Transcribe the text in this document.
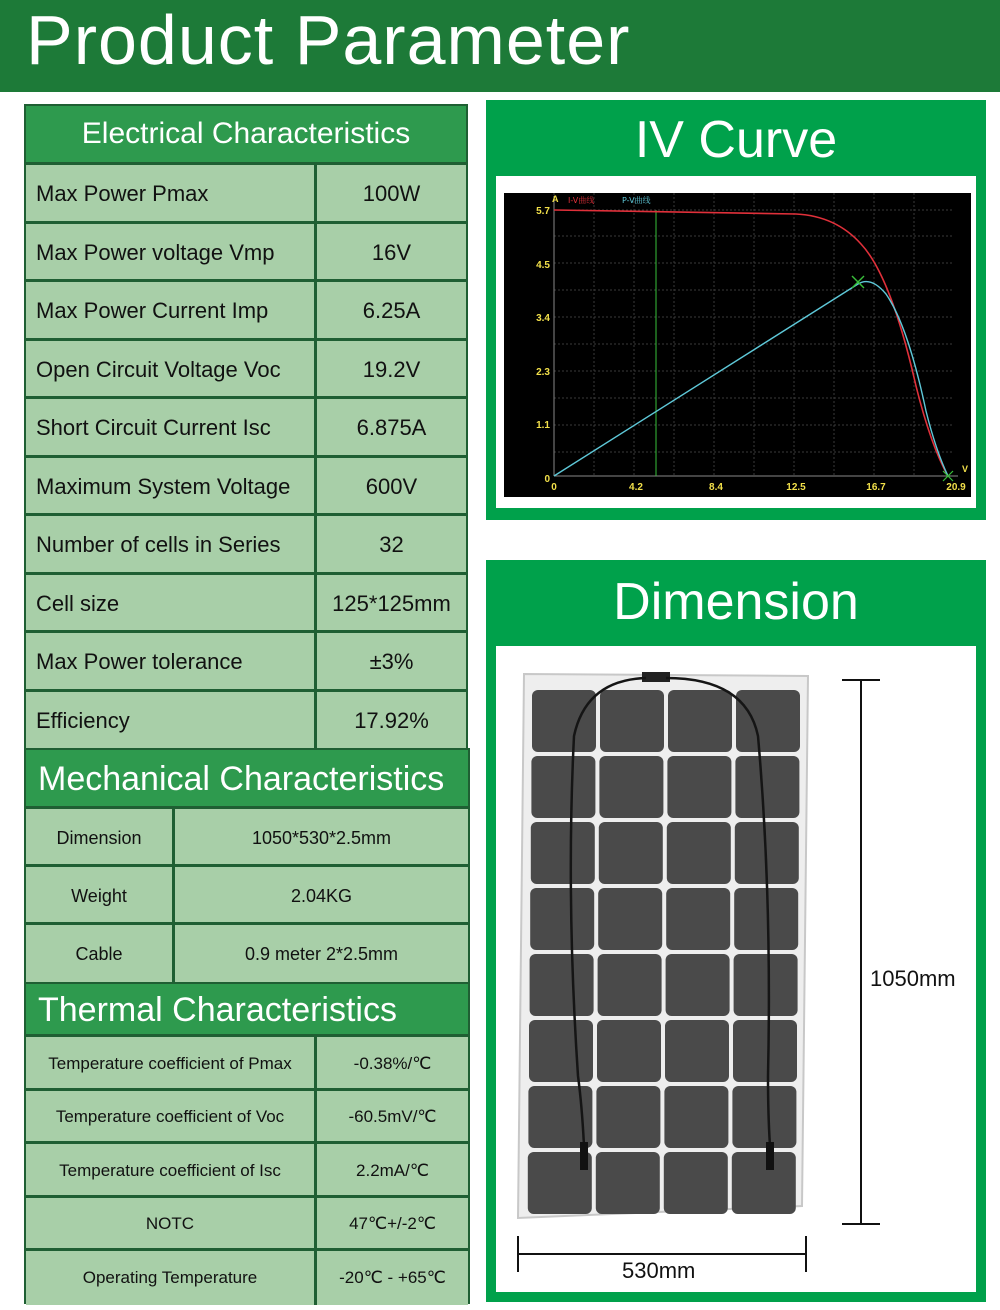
Product Parameter
Electrical Characteristics
Max Power Pmax	100W
Max Power voltage Vmp	16V
Max Power Current Imp	6.25A
Open Circuit Voltage Voc	19.2V
Short Circuit Current Isc	6.875A
Maximum System Voltage	600V
Number of cells in Series	32
Cell size	125*125mm
Max Power tolerance	±3%
Efficiency	17.92%
Mechanical Characteristics
Dimension	1050*530*2.5mm
Weight	2.04KG
Cable	0.9 meter 2*2.5mm
Thermal Characteristics
Temperature coefficient of Pmax	-0.38%/℃
Temperature coefficient of Voc	-60.5mV/℃
Temperature coefficient of Isc	2.2mA/℃
NOTC	47℃+/-2℃
Operating Temperature	-20℃ - +65℃
IV Curve
A
V
I-V曲线	P-V曲线
5.7
4.5
3.4
2.3
1.1
0
0	4.2	8.4	12.5	16.7	20.9
Dimension
1050mm
530mm
